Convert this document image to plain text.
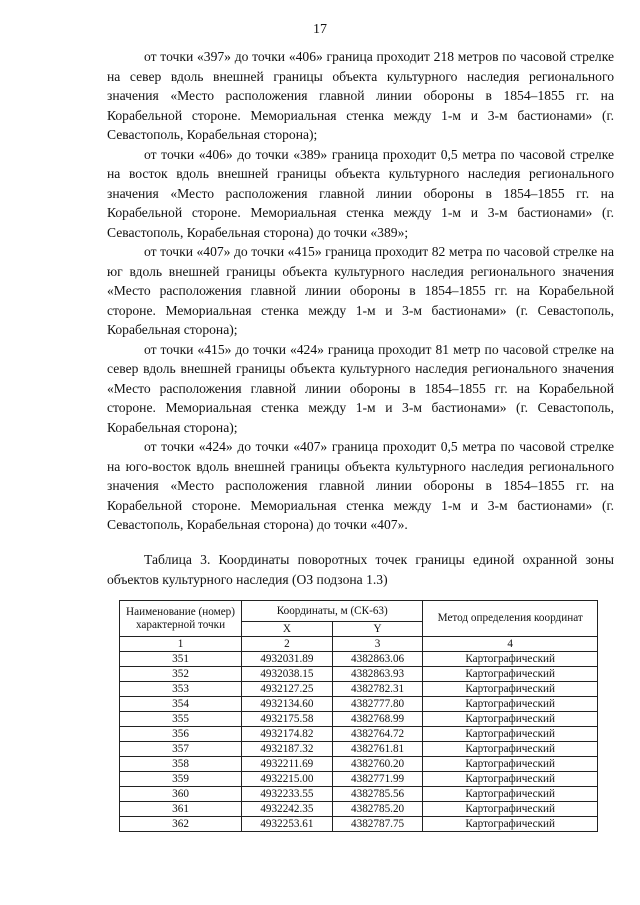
17

от точки «397» до точки «406» граница проходит 218 метров по часовой стрелке на север вдоль внешней границы объекта культурного наследия регионального значения «Место расположения главной линии обороны в 1854–1855 гг. на Корабельной стороне. Мемориальная стенка между 1-м и 3-м бастионами» (г. Севастополь, Корабельная сторона);

от точки «406» до точки «389» граница проходит 0,5 метра по часовой стрелке на восток вдоль внешней границы объекта культурного наследия регионального значения «Место расположения главной линии обороны в 1854–1855 гг. на Корабельной стороне. Мемориальная стенка между 1-м и 3-м бастионами» (г. Севастополь, Корабельная сторона) до точки «389»;

от точки «407» до точки «415» граница проходит 82 метра по часовой стрелке на юг вдоль внешней границы объекта культурного наследия регионального значения «Место расположения главной линии обороны в 1854–1855 гг. на Корабельной стороне. Мемориальная стенка между 1-м и 3-м бастионами» (г. Севастополь, Корабельная сторона);

от точки «415» до точки «424» граница проходит 81 метр по часовой стрелке на север вдоль внешней границы объекта культурного наследия регионального значения «Место расположения главной линии обороны в 1854–1855 гг. на Корабельной стороне. Мемориальная стенка между 1-м и 3-м бастионами» (г. Севастополь, Корабельная сторона);

от точки «424» до точки «407» граница проходит 0,5 метра по часовой стрелке на юго-восток вдоль внешней границы объекта культурного наследия регионального значения «Место расположения главной линии обороны в 1854–1855 гг. на Корабельной стороне. Мемориальная стенка между 1-м и 3-м бастионами» (г. Севастополь, Корабельная сторона) до точки «407».

Таблица 3. Координаты поворотных точек границы единой охранной зоны объектов культурного наследия (ОЗ подзона 1.3)

Наименование (номер) характерной точки	Координаты, м (СК-63)		Метод определения координат
	X	Y	
1	2	3	4
351	4932031.89	4382863.06	Картографический
352	4932038.15	4382863.93	Картографический
353	4932127.25	4382782.31	Картографический
354	4932134.60	4382777.80	Картографический
355	4932175.58	4382768.99	Картографический
356	4932174.82	4382764.72	Картографический
357	4932187.32	4382761.81	Картографический
358	4932211.69	4382760.20	Картографический
359	4932215.00	4382771.99	Картографический
360	4932233.55	4382785.56	Картографический
361	4932242.35	4382785.20	Картографический
362	4932253.61	4382787.75	Картографический
